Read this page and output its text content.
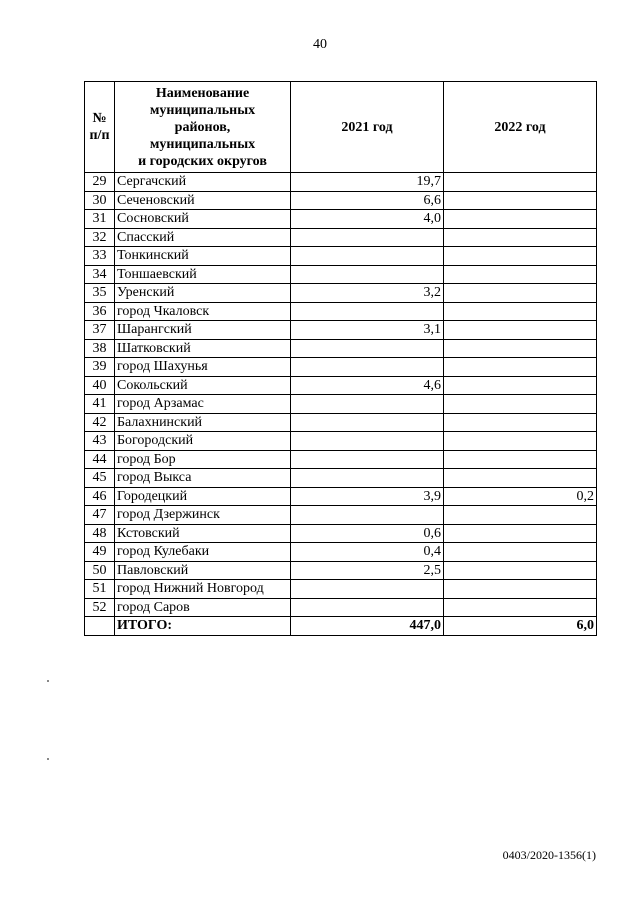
40
№ п/п	Наименование
муниципальных
районов,
муниципальных
и городских округов	2021 год	2022 год
29	Сергачский	19,7	
30	Сеченовский	6,6	
31	Сосновский	4,0	
32	Спасский		
33	Тонкинский		
34	Тоншаевский		
35	Уренский	3,2	
36	город Чкаловск		
37	Шарангский	3,1	
38	Шатковский		
39	город Шахунья		
40	Сокольский	4,6	
41	город Арзамас		
42	Балахнинский		
43	Богородский		
44	город Бор		
45	город Выкса		
46	Городецкий	3,9	0,2
47	город Дзержинск		
48	Кстовский	0,6	
49	город Кулебаки	0,4	
50	Павловский	2,5	
51	город Нижний Новгород		
52	город Саров		
	ИТОГО:	447,0	6,0
0403/2020-1356(1)
